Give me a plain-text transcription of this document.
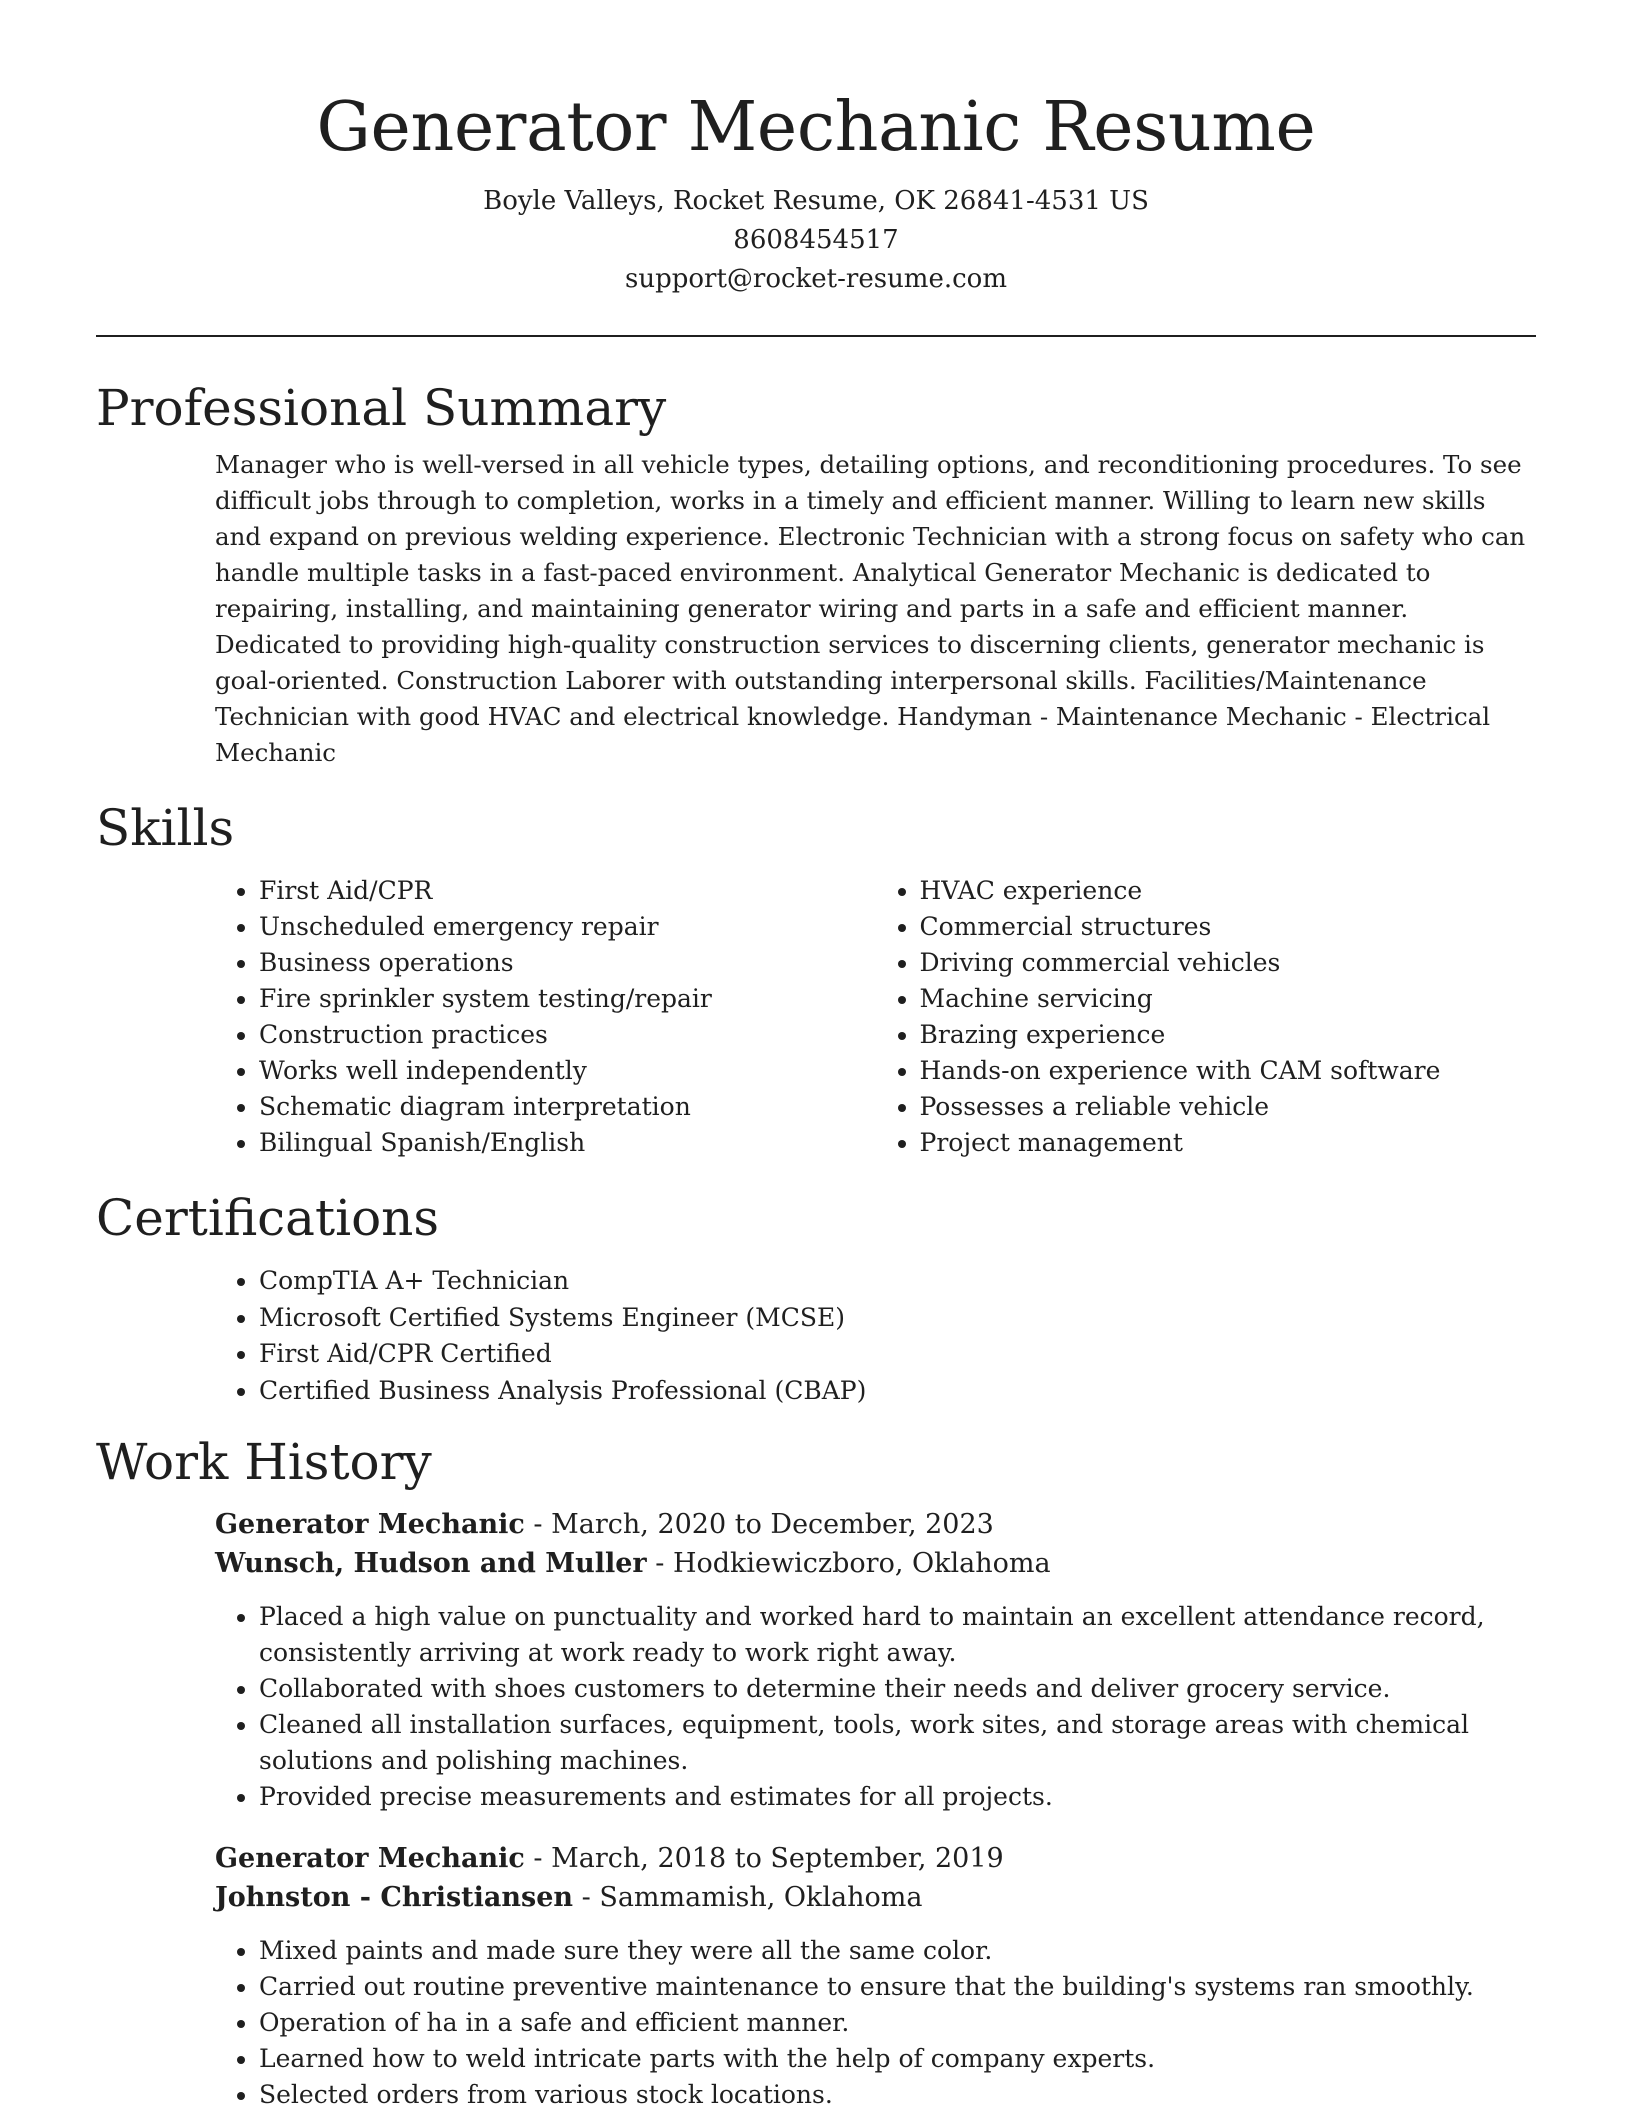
Generator Mechanic Resume
Boyle Valleys, Rocket Resume, OK 26841-4531 US
8608454517
support@rocket-resume.com
Professional Summary

Manager who is well-versed in all vehicle types, detailing options, and reconditioning procedures. To see difficult jobs through to completion, works in a timely and efficient manner. Willing to learn new skills and expand on previous welding experience. Electronic Technician with a strong focus on safety who can handle multiple tasks in a fast-paced environment. Analytical Generator Mechanic is dedicated to repairing, installing, and maintaining generator wiring and parts in a safe and efficient manner. Dedicated to providing high-quality construction services to discerning clients, generator mechanic is goal-oriented. Construction Laborer with outstanding interpersonal skills. Facilities/Maintenance Technician with good HVAC and electrical knowledge. Handyman - Maintenance Mechanic - Electrical Mechanic

Skills
• First Aid/CPR
• Unscheduled emergency repair
• Business operations
• Fire sprinkler system testing/repair
• Construction practices
• Works well independently
• Schematic diagram interpretation
• Bilingual Spanish/English
• HVAC experience
• Commercial structures
• Driving commercial vehicles
• Machine servicing
• Brazing experience
• Hands-on experience with CAM software
• Possesses a reliable vehicle
• Project management
Certifications
• CompTIA A+ Technician
• Microsoft Certified Systems Engineer (MCSE)
• First Aid/CPR Certified
• Certified Business Analysis Professional (CBAP)
Work History
Generator Mechanic - March, 2020 to December, 2023
Wunsch, Hudson and Muller - Hodkiewiczboro, Oklahoma
• Placed a high value on punctuality and worked hard to maintain an excellent attendance record, consistently arriving at work ready to work right away.
• Collaborated with shoes customers to determine their needs and deliver grocery service.
• Cleaned all installation surfaces, equipment, tools, work sites, and storage areas with chemical solutions and polishing machines.
• Provided precise measurements and estimates for all projects.
Generator Mechanic - March, 2018 to September, 2019
Johnston - Christiansen - Sammamish, Oklahoma
• Mixed paints and made sure they were all the same color.
• Carried out routine preventive maintenance to ensure that the building's systems ran smoothly.
• Operation of ha in a safe and efficient manner.
• Learned how to weld intricate parts with the help of company experts.
• Selected orders from various stock locations.
